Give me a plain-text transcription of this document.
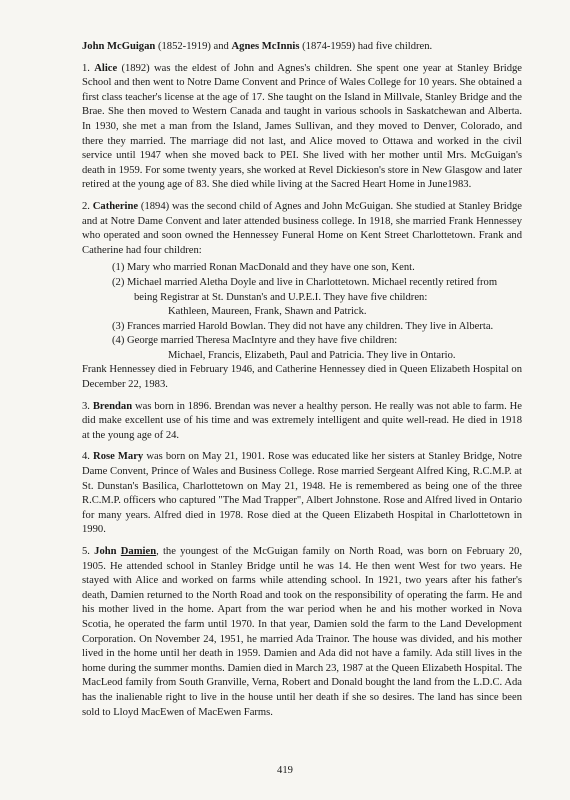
John McGuigan (1852-1919) and Agnes McInnis (1874-1959) had five children.

1. Alice (1892) was the eldest of John and Agnes's children. She spent one year at Stanley Bridge School and then went to Notre Dame Convent and Prince of Wales College for 10 years. She obtained a first class teacher's license at the age of 17. She taught on the Island in Millvale, Stanley Bridge and the Brae. She then moved to Western Canada and taught in various schools in Saskatchewan and Alberta. In 1930, she met a man from the Island, James Sullivan, and they moved to Denver, Colorado, and there they married. The marriage did not last, and Alice moved to Ottawa and worked in the civil service until 1947 when she moved back to PEI. She lived with her mother until Mrs. McGuigan's death in 1959. For some twenty years, she worked at Revel Dickieson's store in New Glasgow and later retired at the young age of 83. She died while living at the Sacred Heart Home in June1983.

2. Catherine (1894) was the second child of Agnes and John McGuigan. She studied at Stanley Bridge and at Notre Dame Convent and later attended business college. In 1918, she married Frank Hennessey who operated and soon owned the Hennessey Funeral Home on Kent Street Charlottetown. Frank and Catherine had four children:

(1) Mary who married Ronan MacDonald and they have one son, Kent.
(2) Michael married Aletha Doyle and live in Charlottetown. Michael recently retired from being Registrar at St. Dunstan's and U.P.E.I. They have five children:
Kathleen, Maureen, Frank, Shawn and Patrick.
(3) Frances married Harold Bowlan. They did not have any children. They live in Alberta.
(4) George married Theresa MacIntyre and they have five children:
Michael, Francis, Elizabeth, Paul and Patricia. They live in Ontario.

Frank Hennessey died in February 1946, and Catherine Hennessey died in Queen Elizabeth Hospital on December 22, 1983.

3. Brendan was born in 1896. Brendan was never a healthy person. He really was not able to farm. He did make excellent use of his time and was extremely intelligent and quite well-read. He died in 1918 at the young age of 24.

4. Rose Mary was born on May 21, 1901. Rose was educated like her sisters at Stanley Bridge, Notre Dame Convent, Prince of Wales and Business College. Rose married Sergeant Alfred King, R.C.M.P. at St. Dunstan's Basilica, Charlottetown on May 21, 1948. He is remembered as being one of the three R.C.M.P. officers who captured "The Mad Trapper", Albert Johnstone. Rose and Alfred lived in Ontario for many years. Alfred died in 1978. Rose died at the Queen Elizabeth Hospital in Charlottetown in 1990.

5. John Damien, the youngest of the McGuigan family on North Road, was born on February 20, 1905. He attended school in Stanley Bridge until he was 14. He then went West for two years. He stayed with Alice and worked on farms while attending school. In 1921, two years after his father's death, Damien returned to the North Road and took on the responsibility of operating the farm. He and his mother lived in the home. Apart from the war period when he and his mother worked in Nova Scotia, he operated the farm until 1970. In that year, Damien sold the farm to the Land Development Corporation. On November 24, 1951, he married Ada Trainor. The house was divided, and his mother lived in the home until her death in 1959. Damien and Ada did not have a family. Ada still lives in the home during the summer months. Damien died in March 23, 1987 at the Queen Elizabeth Hospital. The MacLeod family from South Granville, Verna, Robert and Donald bought the land from the L.D.C. Ada has the inalienable right to live in the house until her death if she so desires. The land has since been sold to Lloyd MacEwen of MacEwen Farms.

419
